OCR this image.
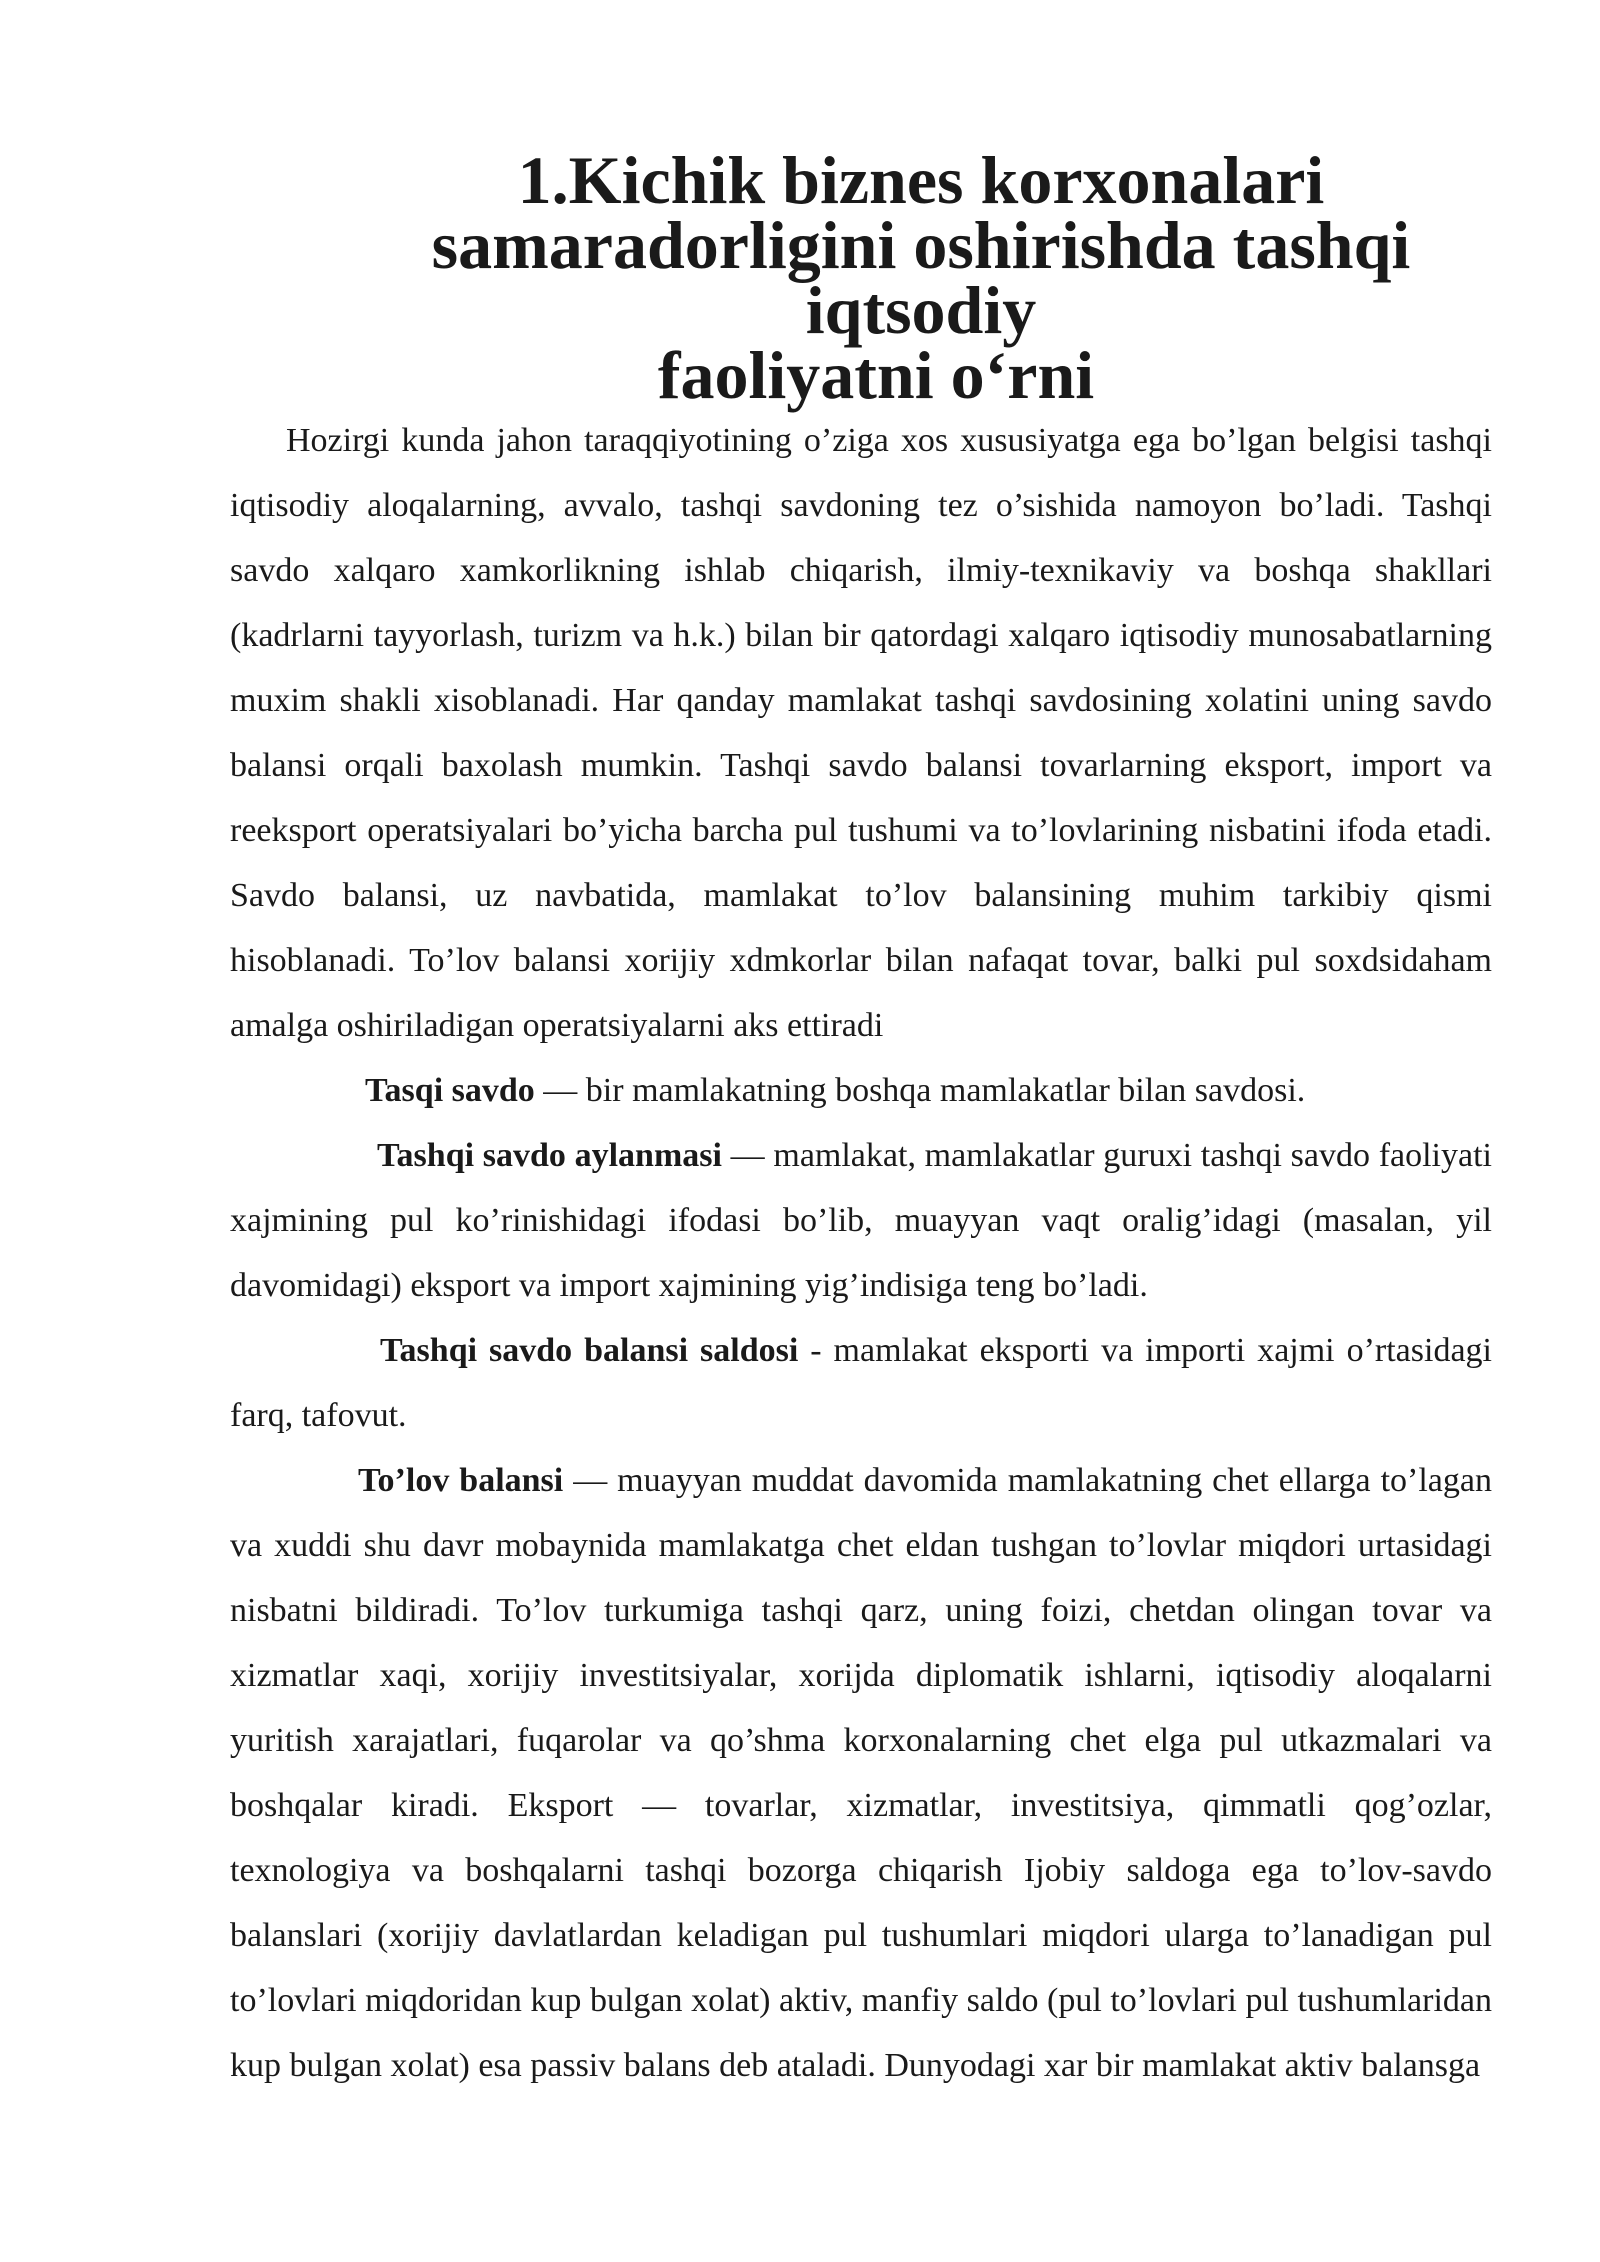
1.Kichik biznes korxonalari samaradorligini oshirishda tashqi iqtsodiy
faoliyatni o‘rni

Hozirgi kunda jahon taraqqiyotining o’ziga xos xususiyatga ega bo’lgan belgisi tashqi iqtisodiy aloqalarning, avvalo, tashqi savdoning tez o’sishida namoyon bo’ladi. Tashqi savdo xalqaro xamkorlikning ishlab chiqarish, ilmiy-texnikaviy va boshqa shakllari (kadrlarni tayyorlash, turizm va h.k.) bilan bir qatordagi xalqaro iqtisodiy munosabatlarning muxim shakli xisoblanadi. Har qanday mamlakat tashqi savdosining xolatini uning savdo balansi orqali baxolash mumkin. Tashqi savdo balansi tovarlarning eksport, import va reeksport operatsiyalari bo’yicha barcha pul tushumi va to’lovlarining nisbatini ifoda etadi. Savdo balansi, uz navbatida, mamlakat to’lov balansining muhim tarkibiy qismi hisoblanadi. To’lov balansi xorijiy xdmkorlar bilan nafaqat tovar, balki pul soxdsidaham amalga oshiriladigan operatsiyalarni aks ettiradi

Tasqi savdo — bir mamlakatning boshqa mamlakatlar bilan savdosi.

Tashqi savdo aylanmasi — mamlakat, mamlakatlar guruxi tashqi savdo faoliyati xajmining pul ko’rinishidagi ifodasi bo’lib, muayyan vaqt oralig’idagi (masalan, yil davomidagi) eksport va import xajmining yig’indisiga teng bo’ladi.

Tashqi savdo balansi saldosi - mamlakat eksporti va importi xajmi o’rtasidagi farq, tafovut.

To’lov balansi — muayyan muddat davomida mamlakatning chet ellarga to’lagan va xuddi shu davr mobaynida mamlakatga chet eldan tushgan to’lovlar miqdori urtasidagi nisbatni bildiradi. To’lov turkumiga tashqi qarz, uning foizi, chetdan olingan tovar va xizmatlar xaqi, xorijiy investitsiyalar, xorijda diplomatik ishlarni, iqtisodiy aloqalarni yuritish xarajatlari, fuqarolar va qo’shma korxonalarning chet elga pul utkazmalari va boshqalar kiradi. Eksport — tovarlar, xizmatlar, investitsiya, qimmatli qog’ozlar, texnologiya va boshqalarni tashqi bozorga chiqarish Ijobiy saldoga ega to’lov-savdo balanslari (xorijiy davlatlardan keladigan pul tushumlari miqdori ularga to’lanadigan pul to’lovlari miqdoridan kup bulgan xolat) aktiv, manfiy saldo (pul to’lovlari pul tushumlaridan kup bulgan xolat) esa passiv balans deb ataladi. Dunyodagi xar bir mamlakat aktiv balansga
